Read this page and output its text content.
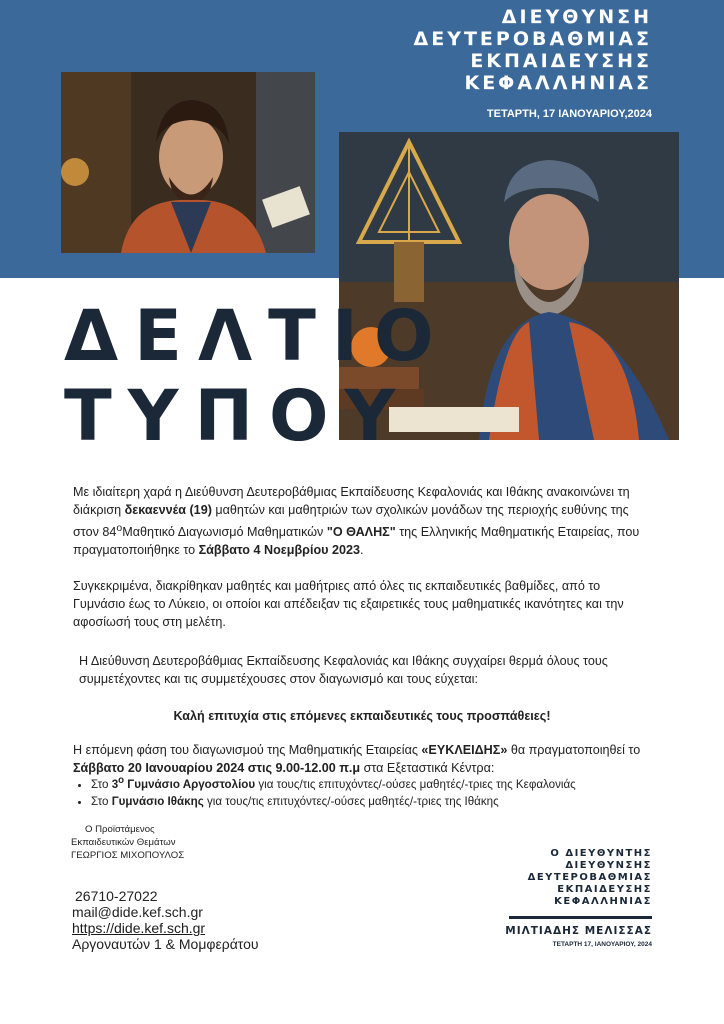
ΔΙΕΥΘΥΝΣΗ
ΔΕΥΤΕΡΟΒΑΘΜΙΑΣ
ΕΚΠΑΙΔΕΥΣΗΣ
ΚΕΦΑΛΛΗΝΙΑΣ
ΤΕΤΑΡΤΗ, 17 ΙΑΝΟΥΑΡΙΟΥ,2024
ΔΕΛΤΙΟ
ΤΥΠΟΥ
Με ιδιαίτερη χαρά η Διεύθυνση Δευτεροβάθμιας Εκπαίδευσης Κεφαλονιάς και Ιθάκης ανακοινώνει τη διάκριση δεκαεννέα (19) μαθητών και μαθητριών των σχολικών μονάδων της περιοχής ευθύνης της στον $84^oM\alpha\theta\eta\tau\iota\kappa ό$ Διαγωνισμό Μαθηματικών "Ο ΘΑΛΗΣ" της Ελληνικής Μαθηματικής Εταιρείας, που πραγματοποιήθηκε το Σάββατο 4 Νοεμβρίου 2023.
Συγκεκριμένα, διακρίθηκαν μαθητές και μαθήτριες από όλες τις εκπαιδευτικές βαθμίδες, από το Γυμνάσιο έως το Λύκειο, οι οποίοι και απέδειξαν τις εξαιρετικές τους μαθηματικές ικανότητες και την αφοσίωσή τους στη μελέτη.
Η Διεύθυνση Δευτεροβάθμιας Εκπαίδευσης Κεφαλονιάς και Ιθάκης συγχαίρει θερμά όλους τους συμμετέχοντες και τις συμμετέχουσες στον διαγωνισμό και τους εύχεται:
Καλή επιτυχία στις επόμενες εκπαιδευτικές τους προσπάθειες!
Η επόμενη φάση του διαγωνισμού της Μαθηματικής Εταιρείας «ΕΥΚΛΕΙΔΗΣ» θα πραγματοποιηθεί το
Σάββατο 20 Ιανουαρίου 2024 στις 9.00-12.00 π.μ στα Εξεταστικά Κέντρα:
• Στο $3^o$ Γυμνάσιο Αργοστολίου για τους/τις επιτυχόντες/-ούσες μαθητές/-τριες της Κεφαλονιάς
• Στο Γυμνάσιο Ιθάκης για τους/τις επιτυχόντες/-ούσες μαθητές/-τριες της Ιθάκης
Ο Προϊστάμενος
Εκπαιδευτικών Θεμάτων
ΓΕΩΡΓΙΟΣ ΜΙΧΟΠΟΥΛΟΣ
26710-27022
mail@dide.kef.sch.gr
https://dide.kef.sch.gr
Αργοναυτών 1 & Μομφεράτου
Ο ΔΙΕΥΘΥΝΤΗΣ
ΔΙΕΥΘΥΝΣΗΣ
ΔΕΥΤΕΡΟΒΑΘΜΙΑΣ
ΕΚΠΑΙΔΕΥΣΗΣ
ΚΕΦΑΛΛΗΝΙΑΣ
ΜΙΛΤΙΑΔΗΣ ΜΕΛΙΣΣΑΣ
ΤΕΤΑΡΤΗ 17, ΙΑΝΟΥΑΡΙΟΥ, 2024
